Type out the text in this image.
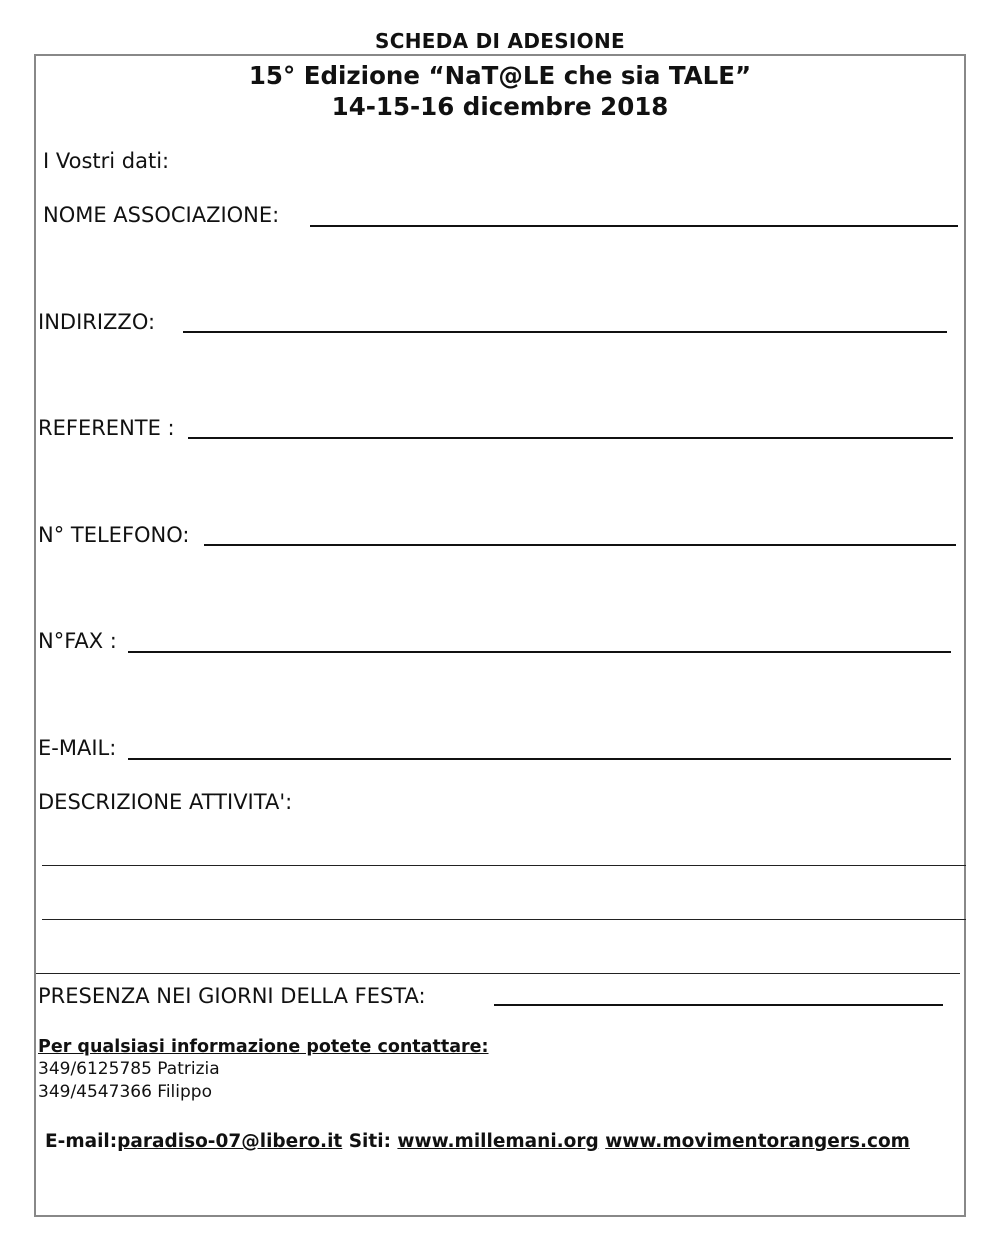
SCHEDA DI ADESIONE
15° Edizione “NaT@LE che sia TALE”
14-15-16 dicembre 2018
I Vostri dati:
NOME ASSOCIAZIONE:
INDIRIZZO:
REFERENTE :
N° TELEFONO:
N°FAX :
E-MAIL:
DESCRIZIONE ATTIVITA':
PRESENZA NEI GIORNI DELLA FESTA:
Per qualsiasi informazione potete contattare:
349/6125785 Patrizia
349/4547366 Filippo
E-mail:paradiso-07@libero.it Siti: www.millemani.org www.movimentorangers.com
